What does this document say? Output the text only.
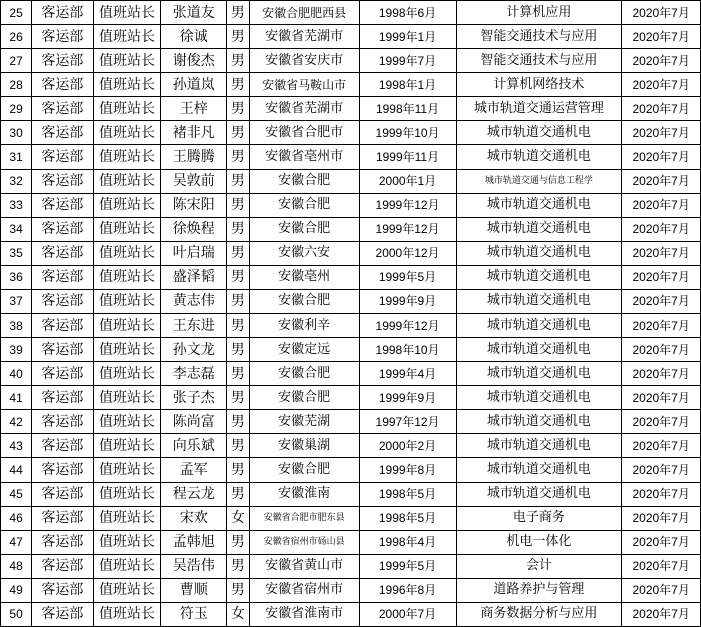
25	客运部	值班站长	张道友	男	安徽合肥肥西县	1998年6月	计算机应用	2020年7月
26	客运部	值班站长	徐诚	男	安徽省芜湖市	1999年1月	智能交通技术与应用	2020年7月
27	客运部	值班站长	谢俊杰	男	安徽省安庆市	1999年7月	智能交通技术与应用	2020年7月
28	客运部	值班站长	孙道岚	男	安徽省马鞍山市	1998年1月	计算机网络技术	2020年7月
29	客运部	值班站长	王梓	男	安徽省芜湖市	1998年11月	城市轨道交通运营管理	2020年7月
30	客运部	值班站长	褚非凡	男	安徽省合肥市	1999年10月	城市轨道交通机电	2020年7月
31	客运部	值班站长	王腾腾	男	安徽省亳州市	1999年11月	城市轨道交通机电	2020年7月
32	客运部	值班站长	吴敦前	男	安徽合肥	2000年1月	城市轨道交通与信息工程学	2020年7月
33	客运部	值班站长	陈宋阳	男	安徽合肥	1999年12月	城市轨道交通机电	2020年7月
34	客运部	值班站长	徐焕程	男	安徽合肥	1999年12月	城市轨道交通机电	2020年7月
35	客运部	值班站长	叶启瑞	男	安徽六安	2000年12月	城市轨道交通机电	2020年7月
36	客运部	值班站长	盛泽韬	男	安徽亳州	1999年5月	城市轨道交通机电	2020年7月
37	客运部	值班站长	黄志伟	男	安徽合肥	1999年9月	城市轨道交通机电	2020年7月
38	客运部	值班站长	王东进	男	安徽利辛	1999年12月	城市轨道交通机电	2020年7月
39	客运部	值班站长	孙文龙	男	安徽定远	1998年10月	城市轨道交通机电	2020年7月
40	客运部	值班站长	李志磊	男	安徽合肥	1999年4月	城市轨道交通机电	2020年7月
41	客运部	值班站长	张子杰	男	安徽合肥	1999年9月	城市轨道交通机电	2020年7月
42	客运部	值班站长	陈尚富	男	安徽芜湖	1997年12月	城市轨道交通机电	2020年7月
43	客运部	值班站长	向乐斌	男	安徽巢湖	2000年2月	城市轨道交通机电	2020年7月
44	客运部	值班站长	孟军	男	安徽合肥	1999年8月	城市轨道交通机电	2020年7月
45	客运部	值班站长	程云龙	男	安徽淮南	1998年5月	城市轨道交通机电	2020年7月
46	客运部	值班站长	宋欢	女	安徽省合肥市肥东县	1998年5月	电子商务	2020年7月
47	客运部	值班站长	孟韩旭	男	安徽省宿州市砀山县	1998年4月	机电一体化	2020年7月
48	客运部	值班站长	吴浩伟	男	安徽省黄山市	1999年5月	会计	2020年7月
49	客运部	值班站长	曹顺	男	安徽省宿州市	1996年8月	道路养护与管理	2020年7月
50	客运部	值班站长	符玉	女	安徽省淮南市	2000年7月	商务数据分析与应用	2020年7月
